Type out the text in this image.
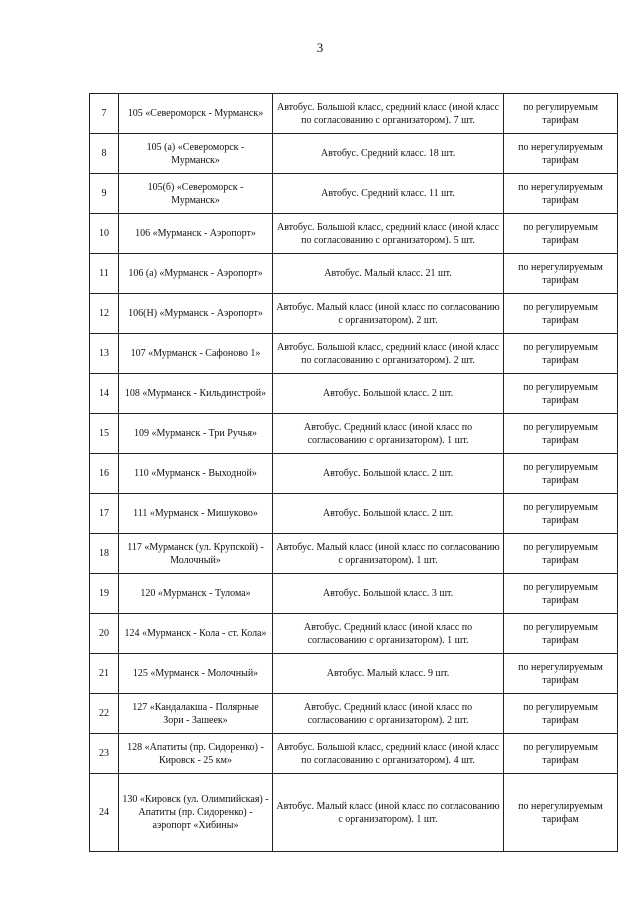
3
7	105 «Североморск - Мурманск»	Автобус. Большой класс, средний класс (иной класс по согласованию с организатором). 7 шт.	по регулируемым тарифам
8	105 (а) «Североморск - Мурманск»	Автобус. Средний класс. 18 шт.	по нерегулируемым тарифам
9	105(б) «Североморск - Мурманск»	Автобус. Средний класс. 11 шт.	по нерегулируемым тарифам
10	106 «Мурманск - Аэропорт»	Автобус. Большой класс, средний класс (иной класс по согласованию с организатором). 5 шт.	по регулируемым тарифам
11	106 (а) «Мурманск - Аэропорт»	Автобус. Малый класс. 21 шт.	по нерегулируемым тарифам
12	106(Н) «Мурманск - Аэропорт»	Автобус. Малый класс (иной класс по согласованию с организатором). 2 шт.	по регулируемым тарифам
13	107 «Мурманск - Сафоново 1»	Автобус. Большой класс, средний класс (иной класс по согласованию с организатором). 2 шт.	по регулируемым тарифам
14	108 «Мурманск - Кильдинстрой»	Автобус. Большой класс. 2 шт.	по регулируемым тарифам
15	109 «Мурманск - Три Ручья»	Автобус. Средний класс (иной класс по согласованию с организатором). 1 шт.	по регулируемым тарифам
16	110 «Мурманск - Выходной»	Автобус. Большой класс. 2 шт.	по регулируемым тарифам
17	111 «Мурманск - Мишуково»	Автобус. Большой класс. 2 шт.	по регулируемым тарифам
18	117 «Мурманск (ул. Крупской) - Молочный»	Автобус. Малый класс (иной класс по согласованию с организатором). 1 шт.	по регулируемым тарифам
19	120 «Мурманск - Тулома»	Автобус. Большой класс. 3 шт.	по регулируемым тарифам
20	124 «Мурманск - Кола - ст. Кола»	Автобус. Средний класс (иной класс по согласованию с организатором). 1 шт.	по регулируемым тарифам
21	125 «Мурманск - Молочный»	Автобус. Малый класс. 9 шт.	по нерегулируемым тарифам
22	127 «Кандалакша - Полярные Зори - Зашеек»	Автобус. Средний класс (иной класс по согласованию с организатором). 2 шт.	по регулируемым тарифам
23	128 «Апатиты (пр. Сидоренко) - Кировск - 25 км»	Автобус. Большой класс, средний класс (иной класс по согласованию с организатором). 4 шт.	по регулируемым тарифам
24	130 «Кировск (ул. Олимпийская) - Апатиты (пр. Сидоренко) - аэропорт «Хибины»	Автобус. Малый класс (иной класс по согласованию с организатором). 1 шт.	по нерегулируемым тарифам
